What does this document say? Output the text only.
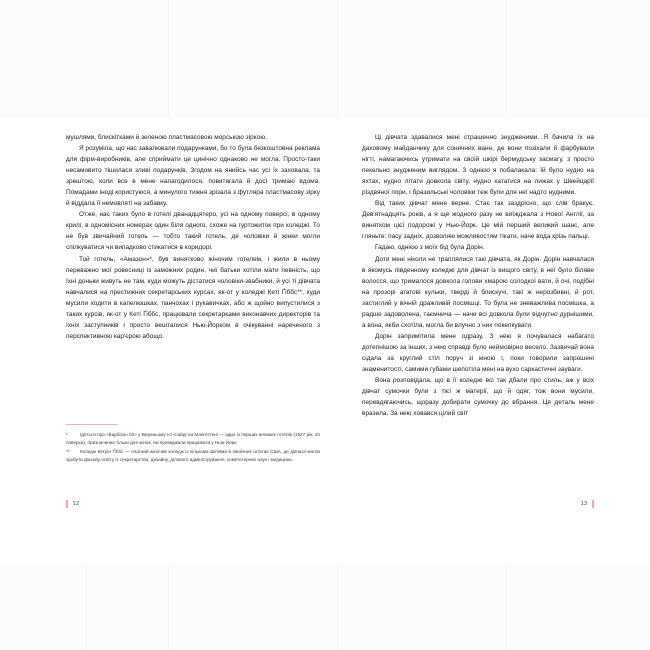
мушлями, блискітками й зеленою пластмасовою морською зіркою.

Я розуміла, що нас завалювали подарунками, бо то була безкоштовна реклама для фірм-виробників, але сприймати це цинічно однаково не могла. Просто-таки несамовито тішилася зливі подарунків. Згодом на янийсь час усі їх заховала, та зрештою, коли все в мене налагодилося, повитягала й досі тримаю вдома. Помадами іноді користуюся, а минулого тижня зрізала з футляра пластмасову зірку й віддала її немовляті на забавку.

Отже, нас таких було в готелі дванадцятеро, усі на одному поверсі, в одному крилі, в одномісних номерах один біля одного, схоже на гуртожиток при коледжі. То не був звичайний готель — тобто такий готель, де чоловіки й жінки могли спілкуватися чи випадково стикатися в коридорі.

Той готель, «Амазон»*, був винятково жіночим готелем, і жили в ньому переважно мої ровесниці із заможних родин, чиї батьки хотіли мати певність, що їхні доньки живуть не там, куди можуть дістатися чоловіки-звабники, й усі ті дівчата навчалися на престижних секретарських курсах, як-от у коледжі Кеті Ґіббс**, куди мусили ходити в капелюшках, панчохах і рукавичках, або ж щойно випустилися з таких курсів, як-от у Кеті Ґіббс, працювали секретарками виконавчих директорів та їхніх заступників і просто вешталися Нью-Йорком в очікуванні нареченого з перспективною кар'єрою абощо.

*	Ідеться про «Барбізон 63» у Вераньому Іст-Сайді на Мангеттені — один із перших великих готелів (1927 рік, 23 поверхи), призначених тільки для жінок, які приїжджали працювати у Нью-Йорк.

** Коледж Кетрін Ґіббс — платний жіночий коледж із кількома філіями в північних штатах США, де дівчата могли здобути фахову освіту із секретарства, дизайну, ділового адміністрування, комп'ютерних наук і медицини.

12

Ці дівчата здавалися мені страшенно знудженими. Я бачила їх на даховому майданчику для сонячних ванн, де вони позіхали й фарбували нігті, намагаючись утримати на своїй шкірі бермудську засмагу, з просто пекельно знудженим виглядом. З однією я побалакала: їй було нудно на яхтах, нудно літати довкола світу, нудно кататися на лижах у Швейцарії різдвяної пори, і бразильські чоловіки теж були для неї надто нудними.

Від таких дівчат мене верне. Стає так заздрісно, що слів бракує. Дев'ятнадцять років, а я ще жодного разу не виїжджала з Нової Англії, за винятком цієї подорожі у Нью-Йорк. Це мій перший великий шанс, але гляньте: пасу задніх, дозволяю можливостям тікати, наче вода крізь пальці.

Гадаю, однією з моїх бід була Дорін.

Доти мені ніколи не траплялися такі дівчата, як Дорін. Дорін навчалася в якомусь південному коледжі для дівчат із вищого світу, в неї було біляве волосся, що трималося довкола голови хмарою солодкої вати, й очі, подібні на прозорі агатові кульки, тверді й блискучі, такі ж нерозбивні, й рот, застиглий у вічній дражливій посмішці. То була не зневажлива посмішка, а радше задоволена, таємнича — наче всі довкола були відчутно дурнішими, а вона, якби схотіла, могла би влучно з них покепкувати.

Дорін запримітила мене одразу. З нею я почувалася набагато дотепнішою за інших, з нею справді було неймовірно весело. Зазвичай вона сідала за круглий стіл поруч зі мною і, поки говорили запрошені знаменитості, самими губами шепотіла мені на вухо саркастичні зауваги.

Вона розповідала, що в її коледжі всі так дбали про стиль, аж у всіх дівчат сумочки були з тієї ж матерії, що й одяг, тож вони мусили, перевдягаючись, щоразу добирати сумочку до вбрання. Ця деталь мене вразила. За нею ховався цілий світ

13
